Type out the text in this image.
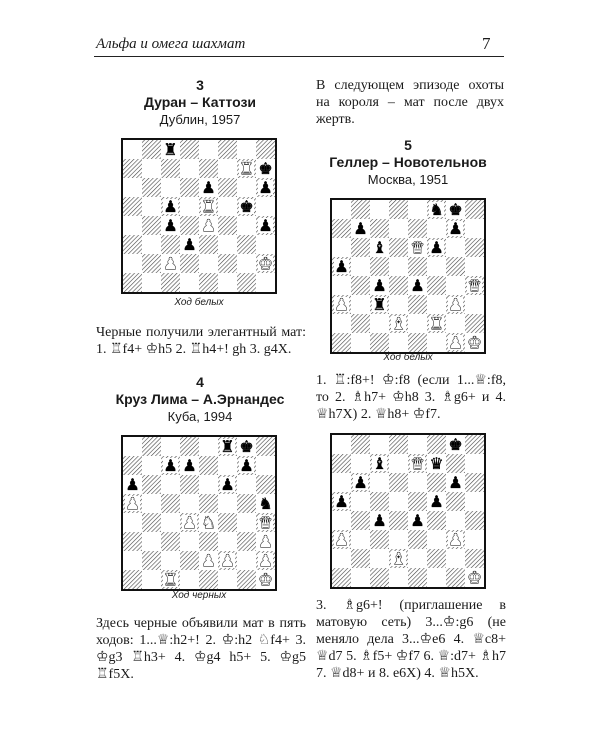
Альфа и омега шахмат	7
3
Дуран – Каттози
Дублин, 1957
♜
♜ ♚
♟	♟
♟ ♜ ♚
♟ ♟	♟
♟
♟	♚
Ход белых
Черные получили элегантный мат: 1. ♖f4+ ♔h5 2. ♖h4+! gh 3. g4Х.
4
Круз Лима – А.Эрнандес
Куба, 1994
♜ ♚
♟ ♟	♟
♟	♟
♟	♞
♟ ♞	♛
♟
♟ ♟ ♟
♜	♚
Ход черных
Здесь черные объявили мат в пять ходов: 1...♕:h2+! 2. ♔:h2 ♘f4+ 3. ♔g3 ♖h3+ 4. ♔g4 h5+ 5. ♔g5 ♖f5Х.
В следующем эпизоде охоты на короля – мат после двух жертв.
5
Геллер – Новотельнов
Москва, 1951
♞ ♚
♟	♟
♝ ♛ ♟
♟
♟ ♟	♛
♟ ♜	♟
♝ ♜
♟ ♚
Ход белых
1. ♖:f8+! ♔:f8 (если 1...♕:f8, то 2. ♗h7+ ♔h8 3. ♗g6+ и 4. ♕h7Х) 2. ♕h8+ ♔f7.
♚
♝ ♛ ♛
♟	♟
♟	♟
♟ ♟
♟	♟
♝
♚
3. ♗g6+! (приглашение в матовую сеть) 3...♔:g6 (не меняло дела 3...♔e6 4. ♕c8+ ♕d7 5. ♗f5+ ♔f7 6. ♕:d7+ ♗h7 7. ♕d8+ и 8. e6Х) 4. ♕h5Х.
